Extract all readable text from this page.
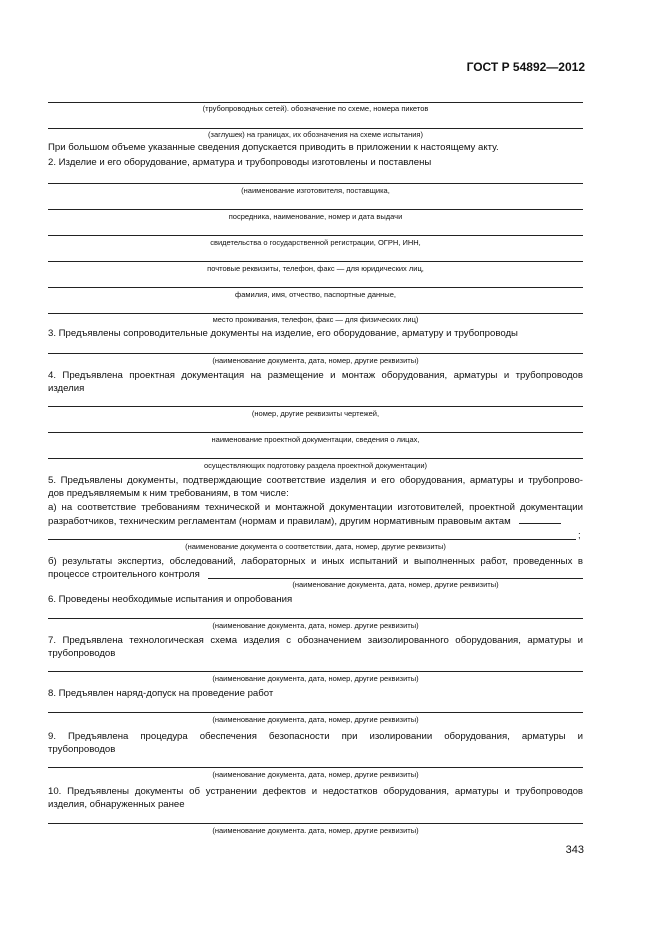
ГОСТ Р 54892—2012
(трубопроводных сетей). обозначение по схеме, номера пикетов
(заглушек) на границах, их обозначения на схеме испытания)
При большом объеме указанные сведения допускается приводить в приложении к настоящему акту.
2. Изделие и его оборудование, арматура и трубопроводы изготовлены и поставлены
(наименование изготовителя, поставщика,
посредника, наименование, номер и дата выдачи
свидетельства о государственной регистрации, ОГРН, ИНН,
почтовые реквизиты, телефон, факс — для юридических лиц,
фамилия, имя, отчество, паспортные данные,
место проживания, телефон, факс — для физических лиц)
3. Предъявлены сопроводительные документы на изделие, его оборудование, арматуру и трубопроводы
(наименование документа, дата, номер, другие реквизиты)
4. Предъявлена проектная документация на размещение и монтаж оборудования, арматуры и трубопроводов
изделия
(номер, другие реквизиты чертежей,
наименование проектной документации, сведения о лицах,
осуществляющих подготовку раздела проектной документации)
5. Предъявлены документы, подтверждающие соответствие изделия и его оборудования, арматуры и трубопрово-
дов предъявляемым к ним требованиям, в том числе:
а) на соответствие требованиям технической и монтажной документации изготовителей, проектной документации
разработчиков, техническим регламентам (нормам и правилам), другим нормативным правовым актам
;
(наименование документа о соответствии, дата, номер, другие реквизиты)
б) результаты экспертиз, обследований, лабораторных и иных испытаний и выполненных работ, проведенных в
процессе строительного контроля
(наименование документа, дата, номер, другие реквизиты)
6. Проведены необходимые испытания и опробования
(наименование документа, дата, номер. другие реквизиты)
7. Предъявлена технологическая схема изделия с обозначением заизолированного оборудования, арматуры и
трубопроводов
(наименование документа, дата, номер, другие реквизиты)
8. Предъявлен наряд-допуск на проведение работ
(наименование документа, дата, номер, другие реквизиты)
9. Предъявлена процедура обеспечения безопасности при изолировании оборудования, арматуры и
трубопроводов
(наименование документа, дата, номер, другие реквизиты)
10. Предъявлены документы об устранении дефектов и недостатков оборудования, арматуры и трубопроводов
изделия, обнаруженных ранее
(наименование документа. дата, номер, другие реквизиты)
343
